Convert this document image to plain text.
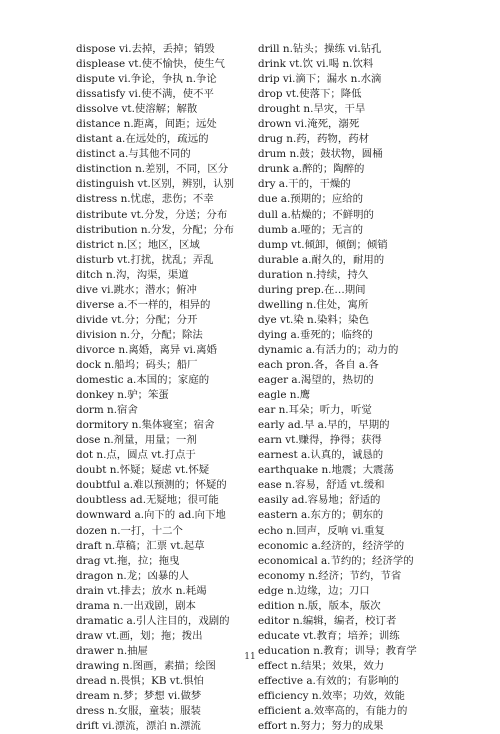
dispose vi.去掉，丢掉；销毁
displease vt.使不愉快，使生气
dispute vi.争论，争执 n.争论
dissatisfy vi.使不满，使不平
dissolve vt.使溶解；解散
distance n.距离，间距；远处
distant a.在远处的，疏远的
distinct a.与其他不同的
distinction n.差别，不同，区分
distinguish vt.区别，辨别，认别
distress n.忧虑，悲伤；不幸
distribute vt.分发，分送；分布
distribution n.分发，分配；分布
district n.区；地区，区域
disturb vt.打扰，扰乱；弄乱
ditch n.沟，沟渠，渠道
dive vi.跳水；潜水；俯冲
diverse a.不一样的，相异的
divide vt.分；分配；分开
division n.分，分配；除法
divorce n.离婚，离异 vi.离婚
dock n.船坞；码头；船厂
domestic a.本国的；家庭的
donkey n.驴；笨蛋
dorm n.宿舍
dormitory n.集体寝室；宿舍
dose n.剂量，用量；一剂
dot n.点，圆点 vt.打点于
doubt n.怀疑；疑虑 vt.怀疑
doubtful a.难以预测的；怀疑的
doubtless ad.无疑地；很可能
downward a.向下的 ad.向下地
dozen n.一打，十二个
draft n.草稿；汇票 vt.起草
drag vt.拖，拉；拖曳
dragon n.龙；凶暴的人
drain vt.排去；放水 n.耗竭
drama n.一出戏剧，剧本
dramatic a.引人注目的，戏剧的
draw vt.画，划；拖；拨出
drawer n.抽屉
drawing n.图画，素描；绘图
dread n.畏惧；KB vt.惧怕
dream n.梦；梦想 vi.做梦
dress n.女服，童装；服装
drift vi.漂流，漂泊 n.漂流
drill n.钻头；操练 vi.钻孔
drink vt.饮 vi.喝 n.饮料
drip vi.滴下；漏水 n.水滴
drop vt.使落下；降低
drought n.旱灾，干旱
drown vi.淹死，溺死
drug n.药，药物，药材
drum n.鼓；鼓状物，圆桶
drunk a.醉的；陶醉的
dry a.干的，干燥的
due a.预期的；应给的
dull a.枯燥的；不鲜明的
dumb a.哑的；无言的
dump vt.倾卸，倾倒；倾销
durable a.耐久的，耐用的
duration n.持续，持久
during prep.在…期间
dwelling n.住处，寓所
dye vt.染 n.染料；染色
dying a.垂死的；临终的
dynamic a.有活力的；动力的
each pron.各，各自 a.各
eager a.渴望的，热切的
eagle n.鹰
ear n.耳朵；听力，听觉
early ad.早 a.早的，早期的
earn vt.赚得，挣得；获得
earnest a.认真的，诚恳的
earthquake n.地震；大震荡
ease n.容易，舒适 vt.缓和
easily ad.容易地；舒适的
eastern a.东方的；朝东的
echo n.回声，反响 vi.重复
economic a.经济的，经济学的
economical a.节约的；经济学的
economy n.经济；节约，节省
edge n.边缘，边；刀口
edition n.版，版本，版次
editor n.编辑，编者，校订者
educate vt.教育；培养；训练
education n.教育；训导；教育学
effect n.结果；效果，效力
effective a.有效的；有影响的
efficiency n.效率；功效，效能
efficient a.效率高的，有能力的
effort n.努力；努力的成果
11
